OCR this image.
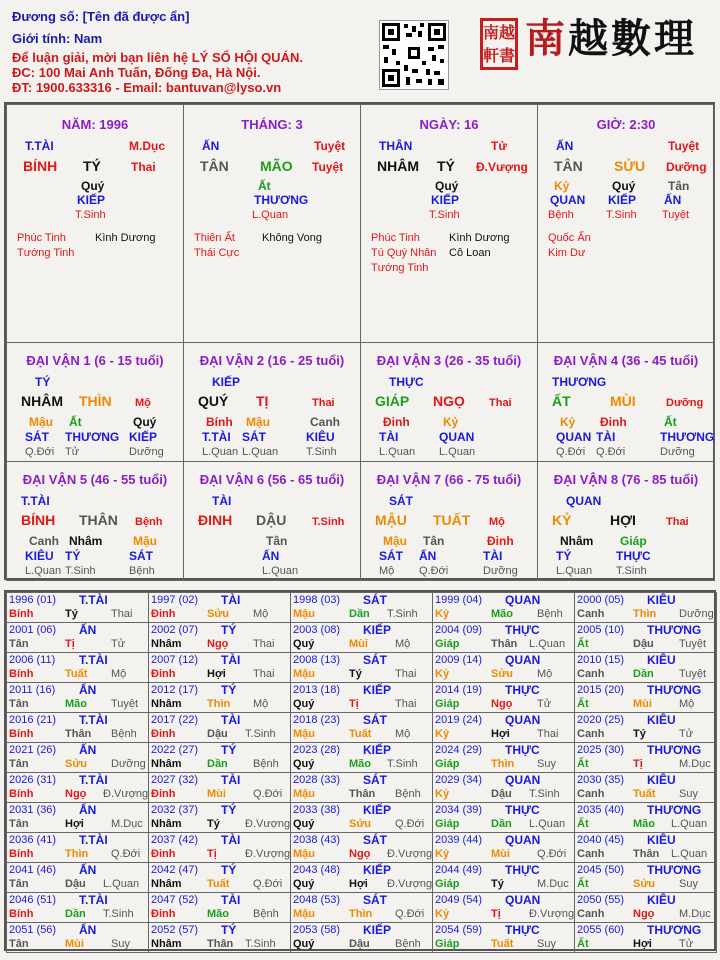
Đương số: [Tên đã được ẩn]
Giới tính: Nam
Để luận giải, mời bạn liên hệ LÝ SỐ HỘI QUÁN.
ĐC: 100 Mai Anh Tuấn, Đống Đa, Hà Nội.
ĐT: 1900.633316 - Email: bantuvan@lyso.vn
南越
軒書 南越數理
NĂM: 1996
T.TÀI	M.Dục
BÍNH TÝ	Thai
Quý
KIẾP
T.Sinh
Phúc Tinh
Tướng Tinh
Kình Dương
THÁNG: 3
ẤN	Tuyệt
TÂN MÃO Tuyệt
Ất
THƯƠNG
L.Quan
Thiên Ất
Thái Cực
Không Vong
NGÀY: 16
THÂN	Tử
NHÂM TÝ Đ.Vượng
Quý
KIẾP
T.Sinh
Phúc Tinh
Tú Quý Nhân
Tướng Tinh
Kình Dương
Cô Loan
GIỜ: 2:30
ẤN	Tuyệt
TÂN SỬU Dưỡng
Kỷ
QUAN
Bệnh
Quý
KIẾP
T.Sinh
Tân
ẤN
Tuyệt
Quốc Ấn
Kim Dư
ĐẠI VẬN 1 (6 - 15 tuổi)
TÝ
NHÂM THÌN Mộ
Mậu
SÁT
Q.Đới
Ất
THƯƠNG
Tử
Quý
KIẾP
Dưỡng
ĐẠI VẬN 2 (16 - 25 tuổi)
KIẾP
QUÝ TỊ	Thai
Bính
T.TÀI
L.Quan
Mậu
SÁT
L.Quan
Canh
KIÊU
T.Sinh
ĐẠI VẬN 3 (26 - 35 tuổi)
THỰC
GIÁP NGỌ Thai
Đinh
TÀI
L.Quan
Kỷ
QUAN
L.Quan
ĐẠI VẬN 4 (36 - 45 tuổi)
THƯƠNG
ẤT	MÙI	Dưỡng
Kỷ
QUAN
Q.Đới
Đinh
TÀI
Q.Đới
Ất
THƯƠNG
Dưỡng
ĐẠI VẬN 5 (46 - 55 tuổi)
T.TÀI
BÍNH THÂN Bệnh
Canh
KIÊU
L.Quan
Nhâm
TÝ
T.Sinh
Mậu
SÁT
Bệnh
ĐẠI VẬN 6 (56 - 65 tuổi)
TÀI
ĐINH DẬU T.Sinh
Tân
ẤN
L.Quan
ĐẠI VẬN 7 (66 - 75 tuổi)
SÁT
MẬU TUẤT Mộ
Mậu
SÁT
Mộ
Tân
ẤN
Q.Đới
Đinh
TÀI
Dưỡng
ĐẠI VẬN 8 (76 - 85 tuổi)
QUAN
KỶ	HỢI	Thai
Nhâm
TÝ
L.Quan
Giáp
THỰC
T.Sinh
1996 (01) T.TÀI
Bính	Tý	Thai
1997 (02) TÀI
Đinh	Sửu Mộ
1998 (03) SÁT
Mậu	Dần T.Sinh
1999 (04) QUAN
Kỷ	Mão Bệnh
2000 (05) KIÊU
Canh	Thìn Dưỡng
2001 (06) ẤN
Tân	Tị	Tử
2002 (07) TÝ
Nhâm Ngọ Thai
2003 (08) KIẾP
Quý	Mùi Mộ
2004 (09) THỰC
Giáp	Thân L.Quan
2005 (10) THƯƠNG
Ất	Dậu Tuyệt
2006 (11) T.TÀI
Bính	Tuất Mộ
2007 (12) TÀI
Đinh	Hợi Thai
2008 (13) SÁT
Mậu	Tý	Thai
2009 (14) QUAN
Kỷ	Sửu Mộ
2010 (15) KIÊU
Canh	Dần Tuyệt
2011 (16) ẤN
Tân	Mão Tuyệt
2012 (17) TÝ
Nhâm Thìn Mộ
2013 (18) KIẾP
Quý	Tị	Thai
2014 (19) THỰC
Giáp	Ngọ Tử
2015 (20) THƯƠNG
Ất	Mùi Mộ
2016 (21) T.TÀI
Bính	Thân Bệnh
2017 (22) TÀI
Đinh	Dậu T.Sinh
2018 (23) SÁT
Mậu	Tuất Mộ
2019 (24) QUAN
Kỷ	Hợi Thai
2020 (25) KIÊU
Canh	Tý	Tử
2021 (26) ẤN
Tân	Sửu Dưỡng
2022 (27) TÝ
Nhâm Dần Bệnh
2023 (28) KIẾP
Quý	Mão T.Sinh
2024 (29) THỰC
Giáp	Thìn Suy
2025 (30) THƯƠNG
Ất	Tị	M.Dục
2026 (31) T.TÀI
Bính	Ngọ Đ.Vượng
2027 (32) TÀI
Đinh	Mùi Q.Đới
2028 (33) SÁT
Mậu	Thân Bệnh
2029 (34) QUAN
Kỷ	Dậu T.Sinh
2030 (35) KIÊU
Canh	Tuất Suy
2031 (36) ẤN
Tân	Hợi M.Dục
2032 (37) TÝ
Nhâm Tý Đ.Vượng
2033 (38) KIẾP
Quý	Sửu Q.Đới
2034 (39) THỰC
Giáp	Dần L.Quan
2035 (40) THƯƠNG
Ất	Mão L.Quan
2036 (41) T.TÀI
Bính	Thìn Q.Đới
2037 (42) TÀI
Đinh	Tị	Đ.Vượng
2038 (43) SÁT
Mậu	Ngọ Đ.Vượng
2039 (44) QUAN
Kỷ	Mùi Q.Đới
2040 (45) KIÊU
Canh	Thân L.Quan
2041 (46) ẤN
Tân	Dậu L.Quan
2042 (47) TÝ
Nhâm Tuất Q.Đới
2043 (48) KIẾP
Quý	Hợi Đ.Vượng
2044 (49) THỰC
Giáp	Tý	M.Dục
2045 (50) THƯƠNG
Ất	Sửu Suy
2046 (51) T.TÀI
Bính	Dần T.Sinh
2047 (52) TÀI
Đinh	Mão Bệnh
2048 (53) SÁT
Mậu	Thìn Q.Đới
2049 (54) QUAN
Kỷ	Tị	Đ.Vượng
2050 (55) KIÊU
Canh	Ngọ M.Dục
2051 (56) ẤN
Tân	Mùi Suy
2052 (57) TÝ
Nhâm Thân T.Sinh
2053 (58) KIẾP
Quý	Dậu Bệnh
2054 (59) THỰC
Giáp	Tuất Suy
2055 (60) THƯƠNG
Ất	Hợi Tử
